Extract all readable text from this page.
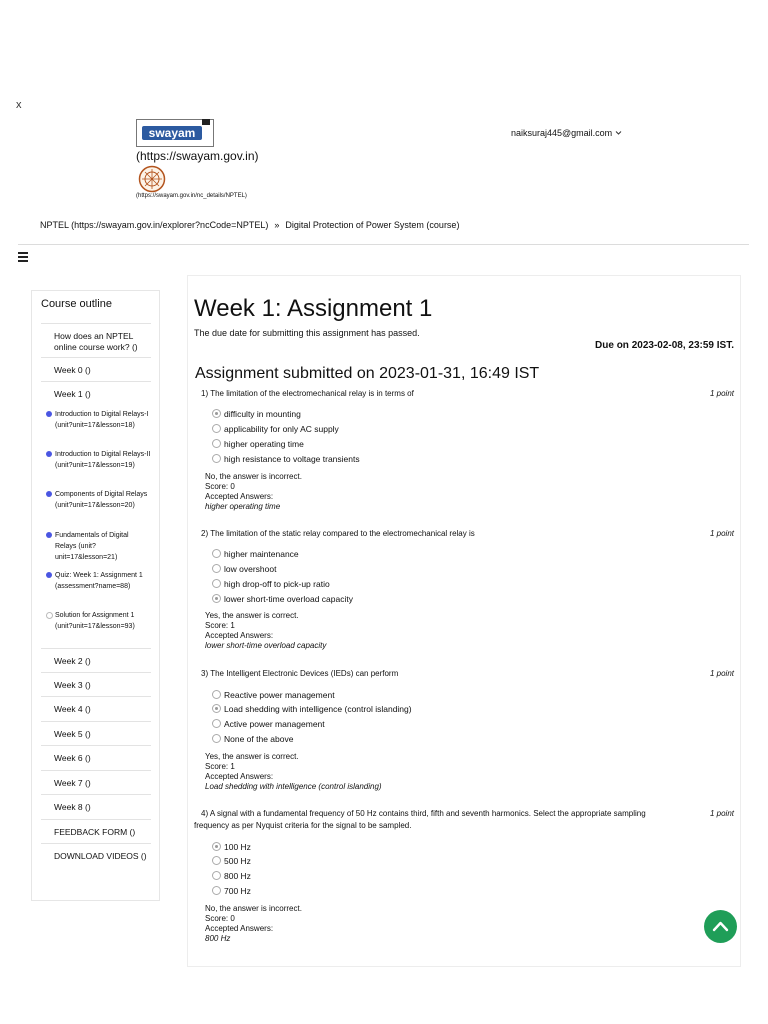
x
swayam
(https://swayam.gov.in)
(https://swayam.gov.in/nc_details/NPTEL)
naiksuraj445@gmail.com
NPTEL (https://swayam.gov.in/explorer?ncCode=NPTEL) » Digital Protection of Power System (course)
Course outline
How does an NPTEL online course work? ()
Week 0 ()
Week 1 ()
Introduction to Digital Relays-I (unit?unit=17&lesson=18)
Introduction to Digital Relays-II (unit?unit=17&lesson=19)
Components of Digital Relays (unit?unit=17&lesson=20)
Fundamentals of Digital Relays (unit?unit=17&lesson=21)
Quiz: Week 1: Assignment 1 (assessment?name=88)
Solution for Assignment 1 (unit?unit=17&lesson=93)
Week 2 ()
Week 3 ()
Week 4 ()
Week 5 ()
Week 6 ()
Week 7 ()
Week 8 ()
FEEDBACK FORM ()
DOWNLOAD VIDEOS ()
Week 1: Assignment 1
The due date for submitting this assignment has passed.
Due on 2023-02-08, 23:59 IST.
Assignment submitted on 2023-01-31, 16:49 IST
1) The limitation of the electromechanical relay is in terms of	1 point
difficulty in mounting
applicability for only AC supply
higher operating time
high resistance to voltage transients
No, the answer is incorrect.
Score: 0
Accepted Answers:
higher operating time
2) The limitation of the static relay compared to the electromechanical relay is	1 point
higher maintenance
low overshoot
high drop-off to pick-up ratio
lower short-time overload capacity
Yes, the answer is correct.
Score: 1
Accepted Answers:
lower short-time overload capacity
3) The Intelligent Electronic Devices (IEDs) can perform	1 point
Reactive power management
Load shedding with intelligence (control islanding)
Active power management
None of the above
Yes, the answer is correct.
Score: 1
Accepted Answers:
Load shedding with intelligence (control islanding)
4) A signal with a fundamental frequency of 50 Hz contains third, fifth and seventh harmonics. Select the appropriate sampling
frequency as per Nyquist criteria for the signal to be sampled.
1 point
100 Hz
500 Hz
800 Hz
700 Hz
No, the answer is incorrect.
Score: 0
Accepted Answers:
800 Hz
